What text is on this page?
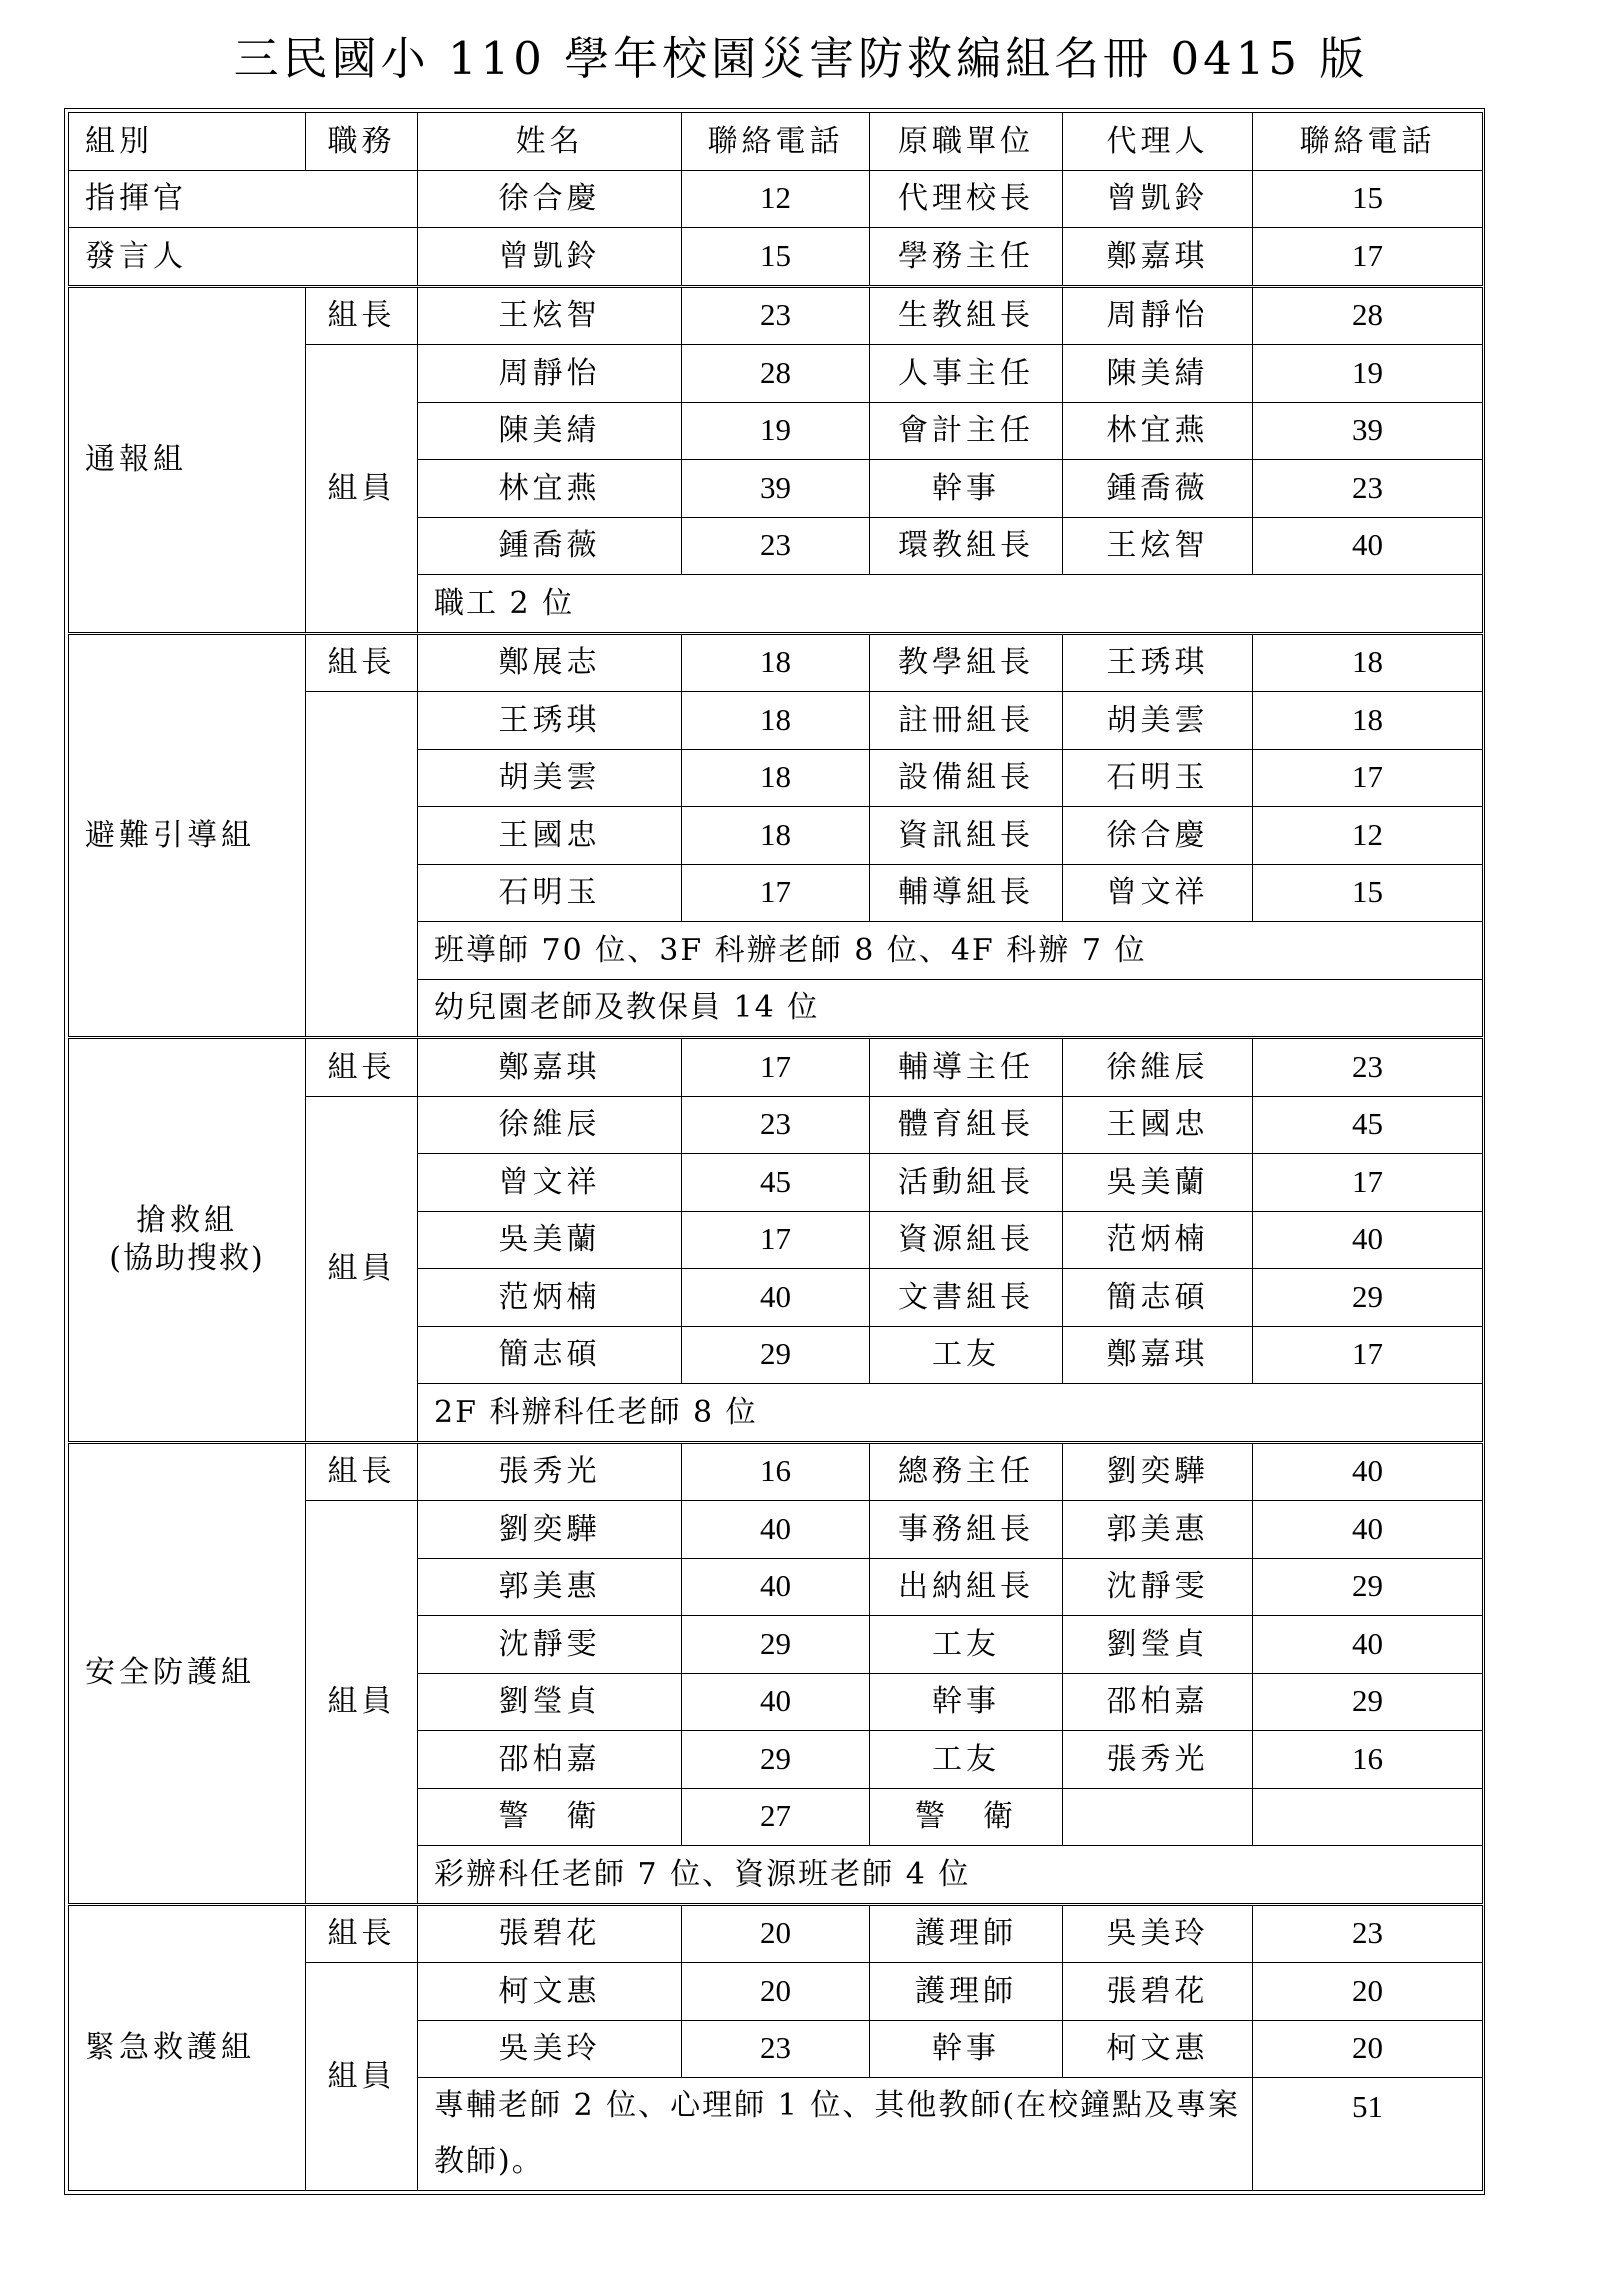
三民國小 110 學年校園災害防救編組名冊 0415 版
組別	職務	姓名	聯絡電話	原職單位	代理人	聯絡電話
指揮官		徐合慶	12	代理校長	曾凱鈴	15
發言人		曾凱鈴	15	學務主任	鄭嘉琪	17
通報組	組長	王炫智	23	生教組長	周靜怡	28
	組員	周靜怡	28	人事主任	陳美綪	19
		陳美綪	19	會計主任	林宜燕	39
		林宜燕	39	幹事	鍾喬薇	23
		鍾喬薇	23	環教組長	王炫智	40
		職工 2 位				
避難引導組	組長	鄭展志	18	教學組長	王琇琪	18
		王琇琪	18	註冊組長	胡美雲	18
		胡美雲	18	設備組長	石明玉	17
		王國忠	18	資訊組長	徐合慶	12
		石明玉	17	輔導組長	曾文祥	15
		班導師 70 位、3F 科辦老師 8 位、4F 科辦 7 位				
		幼兒園老師及教保員 14 位				

搶救組
(協助搜救)	組長	鄭嘉琪	17	輔導主任	徐維辰	23
	組員	徐維辰	23	體育組長	王國忠	45
		曾文祥	45	活動組長	吳美蘭	17
		吳美蘭	17	資源組長	范炳楠	40
		范炳楠	40	文書組長	簡志碩	29
		簡志碩	29	工友	鄭嘉琪	17
		2F 科辦科任老師 8 位				
安全防護組	組長	張秀光	16	總務主任	劉奕驊	40
	組員	劉奕驊	40	事務組長	郭美惠	40
		郭美惠	40	出納組長	沈靜雯	29
		沈靜雯	29	工友	劉瑩貞	40
		劉瑩貞	40	幹事	邵柏嘉	29
		邵柏嘉	29	工友	張秀光	16
		警　衛	27	警　衛		
		彩辦科任老師 7 位、資源班老師 4 位				
緊急救護組	組長	張碧花	20	護理師	吳美玲	23
	組員	柯文惠	20	護理師	張碧花	20
		吳美玲	23	幹事	柯文惠	20
		專輔老師 2 位、心理師 1 位、其他教師(在校鐘點及專案教師)。				51
